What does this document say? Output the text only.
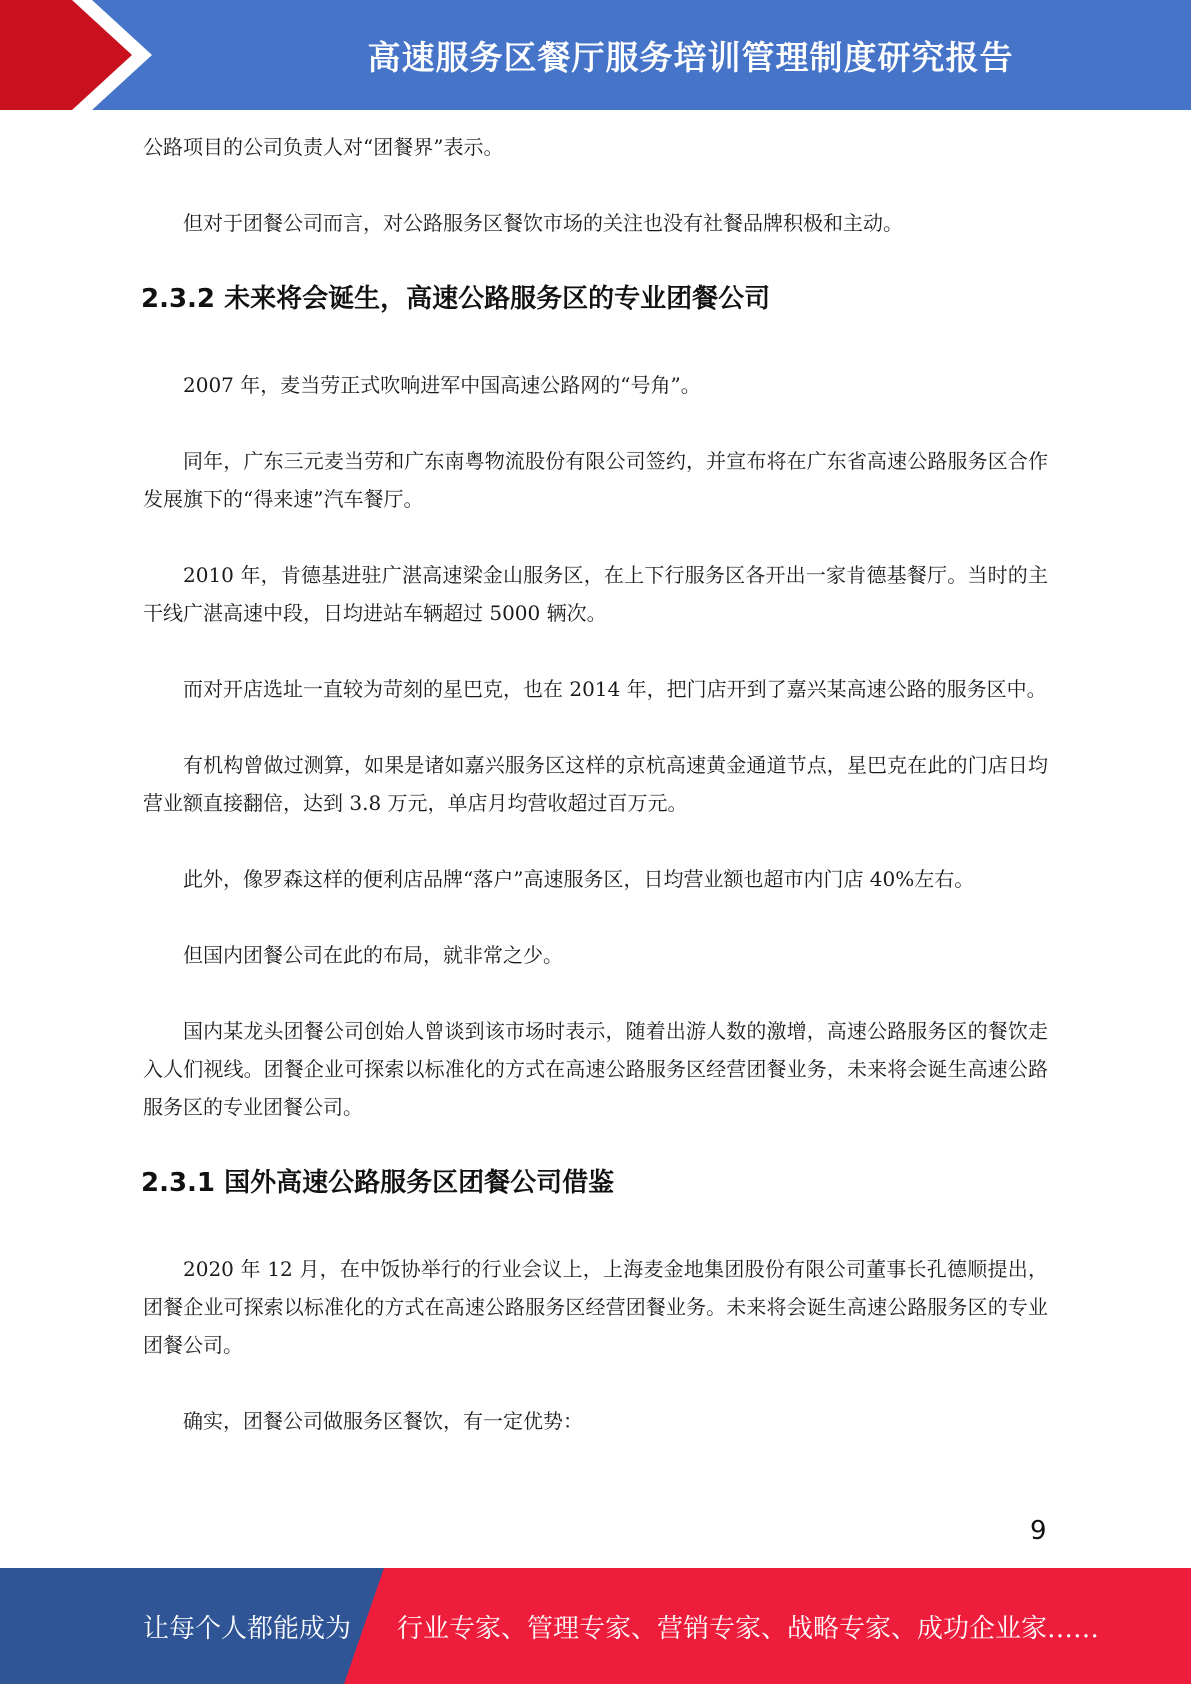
高速服务区餐厅服务培训管理制度研究报告

公路项目的公司负责人对“团餐界”表示。

但对于团餐公司而言，对公路服务区餐饮市场的关注也没有社餐品牌积极和主动。

2.3.2 未来将会诞生，高速公路服务区的专业团餐公司

2007 年，麦当劳正式吹响进军中国高速公路网的“号角”。

同年，广东三元麦当劳和广东南粤物流股份有限公司签约，并宣布将在广东省高速公路服务区合作发展旗下的“得来速”汽车餐厅。

2010 年，肯德基进驻广湛高速梁金山服务区，在上下行服务区各开出一家肯德基餐厅。当时的主干线广湛高速中段，日均进站车辆超过 5000 辆次。

而对开店选址一直较为苛刻的星巴克，也在 2014 年，把门店开到了嘉兴某高速公路的服务区中。

有机构曾做过测算，如果是诸如嘉兴服务区这样的京杭高速黄金通道节点，星巴克在此的门店日均营业额直接翻倍，达到 3.8 万元，单店月均营收超过百万元。

此外，像罗森这样的便利店品牌“落户”高速服务区，日均营业额也超市内门店 40%左右。

但国内团餐公司在此的布局，就非常之少。

国内某龙头团餐公司创始人曾谈到该市场时表示，随着出游人数的激增，高速公路服务区的餐饮走入人们视线。团餐企业可探索以标准化的方式在高速公路服务区经营团餐业务，未来将会诞生高速公路服务区的专业团餐公司。

2.3.1 国外高速公路服务区团餐公司借鉴

2020 年 12 月，在中饭协举行的行业会议上，上海麦金地集团股份有限公司董事长孔德顺提出，团餐企业可探索以标准化的方式在高速公路服务区经营团餐业务。未来将会诞生高速公路服务区的专业团餐公司。

确实，团餐公司做服务区餐饮，有一定优势：

9
让每个人都能成为 行业专家、管理专家、营销专家、战略专家、成功企业家……
